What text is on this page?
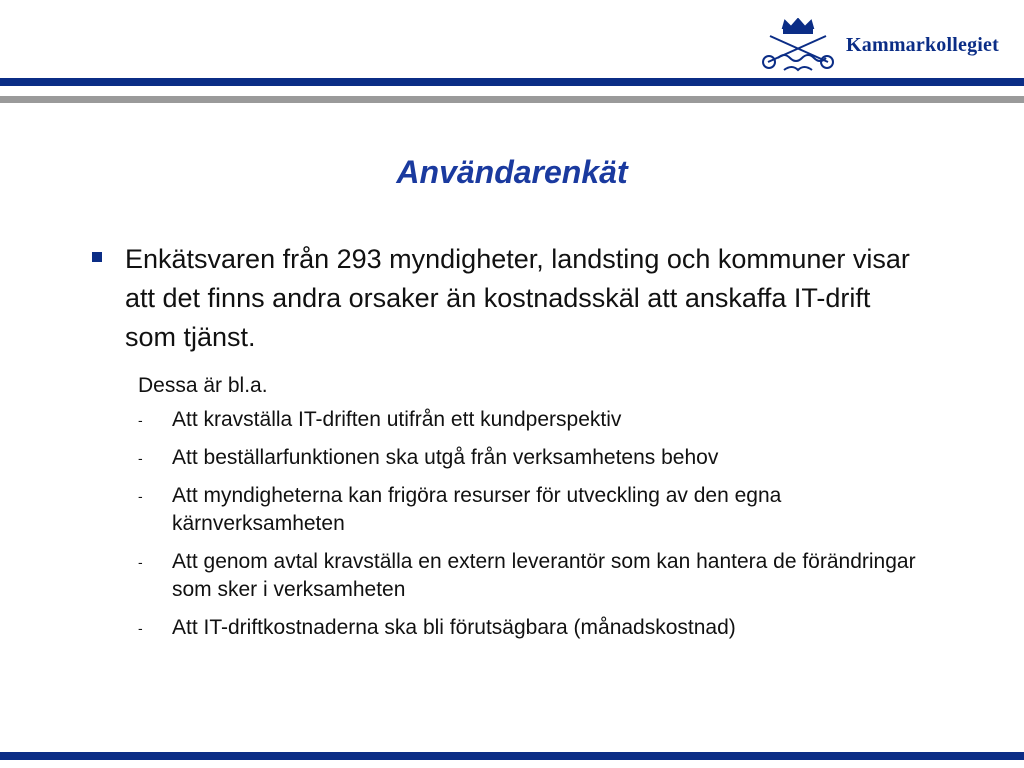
Kammarkollegiet
Användarenkät
Enkätsvaren från 293 myndigheter, landsting och kommuner visar att det finns andra orsaker än kostnadsskäl att anskaffa IT-drift som tjänst.
Dessa är bl.a.
- Att kravställa IT-driften utifrån ett kundperspektiv
- Att beställarfunktionen ska utgå från verksamhetens behov
- Att myndigheterna kan frigöra resurser för utveckling av den egna kärnverksamheten
- Att genom avtal kravställa en extern leverantör som kan hantera de förändringar som sker i verksamheten
- Att IT-driftkostnaderna ska bli förutsägbara (månadskostnad)
